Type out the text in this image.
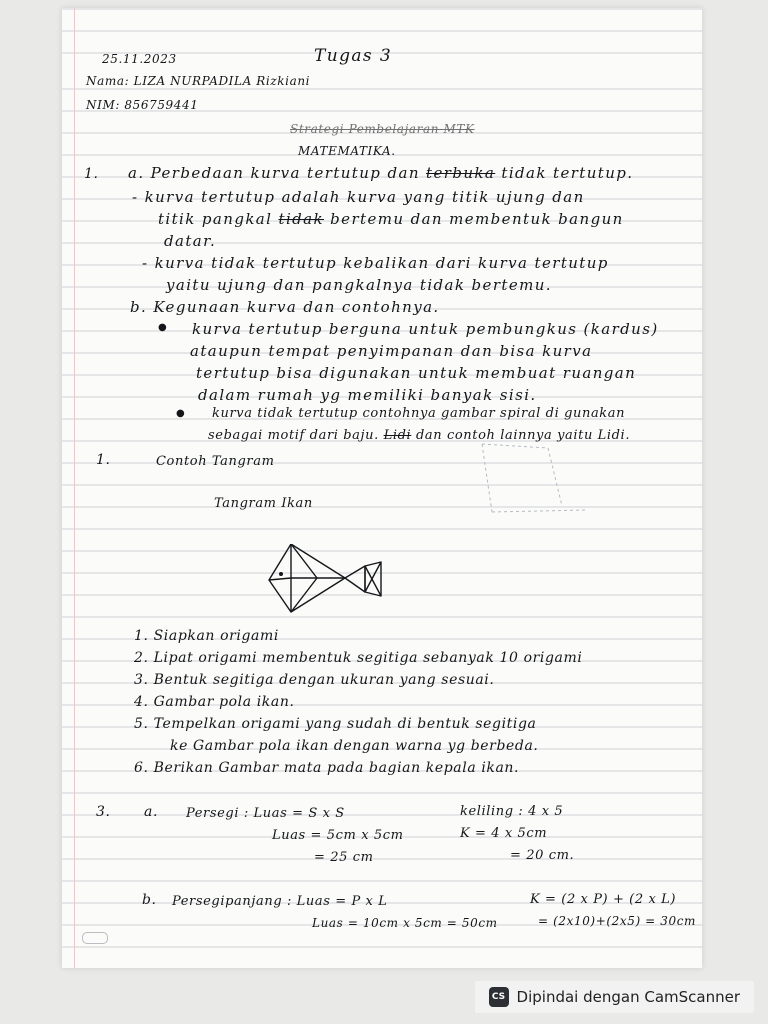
25.11.2023	Tugas 3
Nama: LIZA NURPADILA Rizkiani
NIM: 856759441
Strategi Pembelajaran MTK
MATEMATIKA.
1. a. Perbedaan kurva tertutup dan terbuka tidak tertutup.
- kurva tertutup adalah kurva yang titik ujung dan
titik pangkal tidak bertemu dan membentuk bangun
datar.
- kurva tidak tertutup kebalikan dari kurva tertutup
yaitu ujung dan pangkalnya tidak bertemu.
b. Kegunaan kurva dan contohnya.
● kurva tertutup berguna untuk pembungkus (kardus)
ataupun tempat penyimpanan dan bisa kurva
tertutup bisa digunakan untuk membuat ruangan
dalam rumah yg memiliki banyak sisi.
● kurva tidak tertutup contohnya gambar spiral di gunakan
sebagai motif dari baju. Lidi dan contoh lainnya yaitu Lidi.
1.	Contoh Tangram
Tangram Ikan
1. Siapkan origami
2. Lipat origami membentuk segitiga sebanyak 10 origami
3. Bentuk segitiga dengan ukuran yang sesuai.
4. Gambar pola ikan.
5. Tempelkan origami yang sudah di bentuk segitiga
ke Gambar pola ikan dengan warna yg berbeda.
6. Berikan Gambar mata pada bagian kepala ikan.
3. a. Persegi : Luas = S x S	keliling : 4 x 5
Luas = 5cm x 5cm	K = 4 x 5cm
= 25 cm	= 20 cm.
b. Persegipanjang : Luas = P x L	K = (2 x P) + (2 x L)
Luas = 10cm x 5cm = 50cm	= (2x10)+(2x5) = 30cm
CS Dipindai dengan CamScanner
